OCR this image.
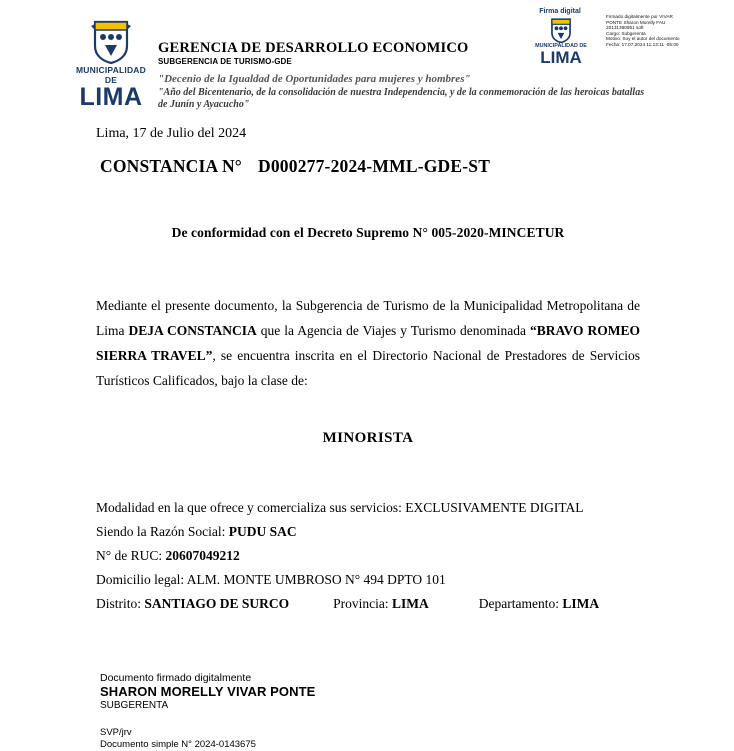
MUNICIPALIDAD DE
LIMA
GERENCIA DE DESARROLLO ECONOMICO
SUBGERENCIA DE TURISMO-GDE
"Decenio de la Igualdad de Oportunidades para mujeres y hombres"
"Año del Bicentenario, de la consolidación de nuestra Independencia, y de la conmemoración de las heroicas batallas
de Junín y Ayacucho"
Firma digital
MUNICIPALIDAD DE
LIMA
Firmado digitalmente por VIVAR
PONTE Sharon Morelly FAU
20131380951 soft
Cargo: Subgerenta
Motivo: Soy el autor del documento
Fecha: 17.07.2024 11:13:11 -05:00
Lima, 17 de Julio del 2024
CONSTANCIA N° D000277-2024-MML-GDE-ST
De conformidad con el Decreto Supremo N° 005-2020-MINCETUR
Mediante el presente documento, la Subgerencia de Turismo de la Municipalidad Metropolitana de Lima DEJA CONSTANCIA que la Agencia de Viajes y Turismo denominada “BRAVO ROMEO SIERRA TRAVEL”, se encuentra inscrita en el Directorio Nacional de Prestadores de Servicios Turísticos Calificados, bajo la clase de:
MINORISTA
Modalidad en la que ofrece y comercializa sus servicios: EXCLUSIVAMENTE DIGITAL
Siendo la Razón Social: PUDU SAC
N° de RUC: 20607049212
Domicilio legal: ALM. MONTE UMBROSO N° 494 DPTO 101
Distrito: SANTIAGO DE SURCO	Provincia: LIMA	Departamento: LIMA
Documento firmado digitalmente
SHARON MORELLY VIVAR PONTE
SUBGERENTA
SVP/jrv
Documento simple N° 2024-0143675
